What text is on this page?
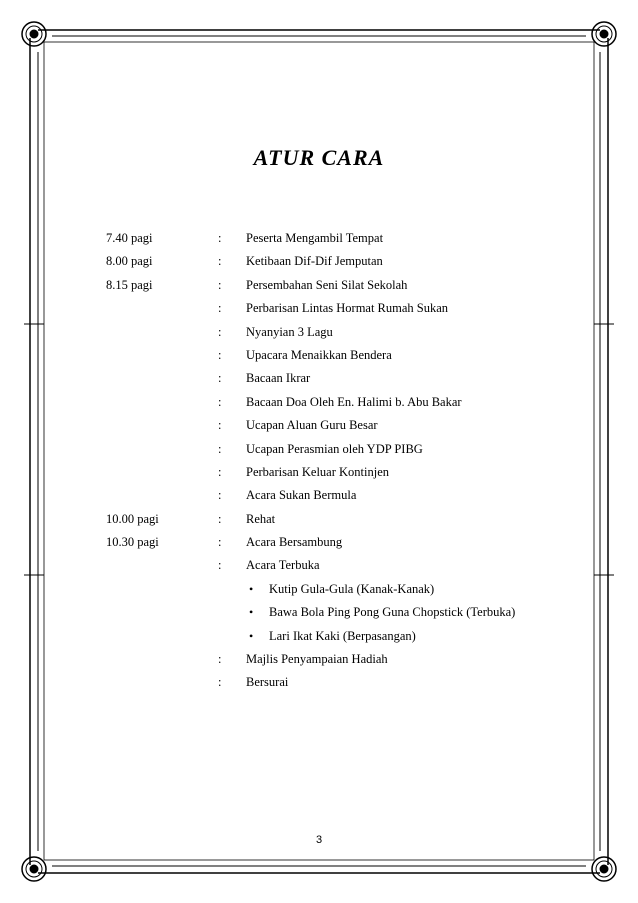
ATUR CARA
7.40 pagi	: Peserta Mengambil Tempat
8.00 pagi	: Ketibaan Dif-Dif Jemputan
8.15 pagi	: Persembahan Seni Silat Sekolah
: Perbarisan Lintas Hormat Rumah Sukan
: Nyanyian 3 Lagu
: Upacara Menaikkan Bendera
: Bacaan Ikrar
: Bacaan Doa Oleh En. Halimi b. Abu Bakar
: Ucapan Aluan Guru Besar
: Ucapan Perasmian oleh YDP PIBG
: Perbarisan Keluar Kontinjen
: Acara Sukan Bermula
10.00 pagi	: Rehat
10.30 pagi	: Acara Bersambung
: Acara Terbuka
• Kutip Gula-Gula (Kanak-Kanak)
• Bawa Bola Ping Pong Guna Chopstick (Terbuka)
• Lari Ikat Kaki (Berpasangan)
: Majlis Penyampaian Hadiah
: Bersurai
3
